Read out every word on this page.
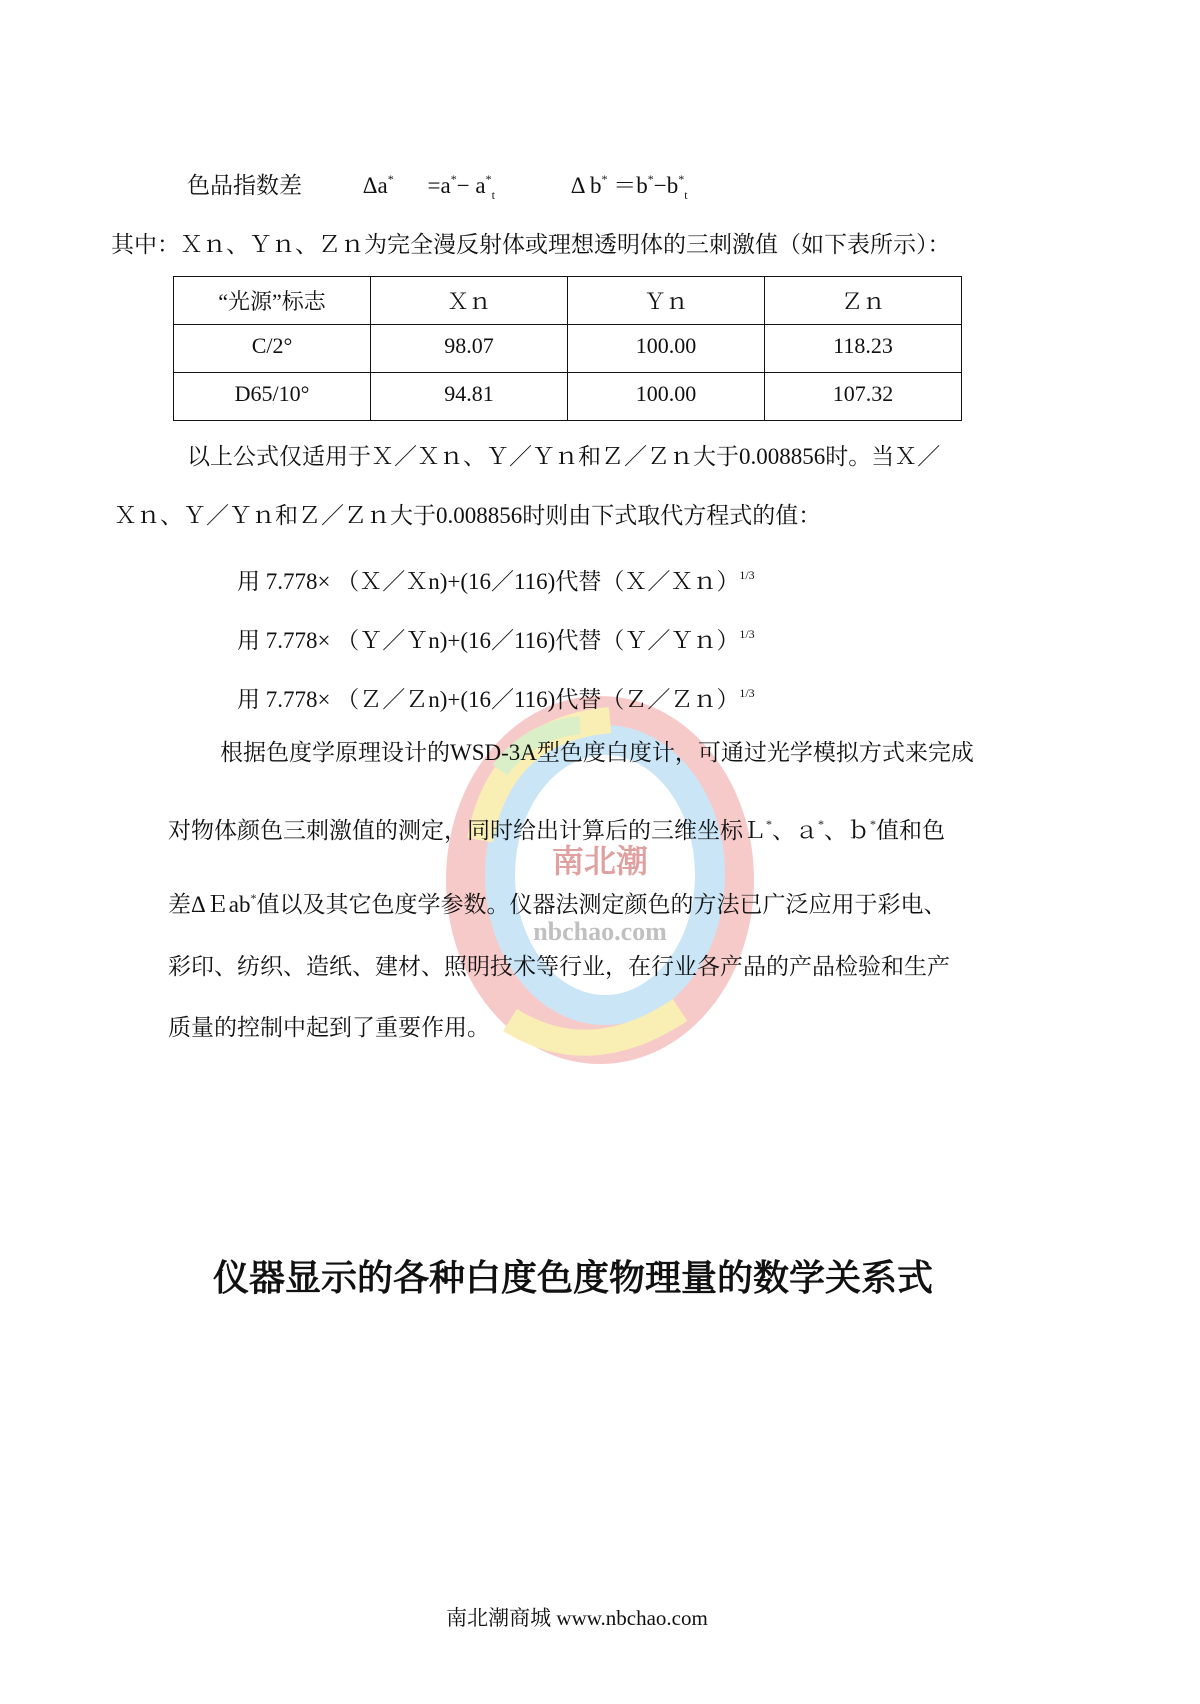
南北潮
nbchao.com
色品指数差	$\Delta a^* =a^*- a^*_t$	Δ $b^* =b^*-b^*_t$
其中：Ｘｎ、Ｙｎ、Ｚｎ为完全漫反射体或理想透明体的三刺激值（如下表所示）：
“光源”标志	Ｘｎ	Ｙｎ	Ｚｎ
C/2°	98.07	100.00	118.23
D65/10°	94.81	100.00	107.32
以上公式仅适用于Ｘ／Ｘｎ、Ｙ／Ｙｎ和Ｚ／Ｚｎ大于0.008856时。当Ｘ／
Ｘｎ、Ｙ／Ｙｎ和Ｚ／Ｚｎ大于0.008856时则由下式取代方程式的值：
用 7.778× （Ｘ／Ｘn)+(16／116)代替（Ｘ／Ｘｎ）$^{1/3}$
用 7.778× （Ｙ／Ｙn)+(16／116)代替（Ｙ／Ｙｎ）$^{1/3}$
用 7.778× （Ｚ／Ｚn)+(16／116)代替（Ｚ／Ｚｎ）$^{1/3}$
根据色度学原理设计的WSD-3A型色度白度计，可通过光学模拟方式来完成
对物体颜色三刺激值的测定，同时给出计算后的三维坐标Ｌ*、ａ*、ｂ*值和色
差ΔＥab*值以及其它色度学参数。仪器法测定颜色的方法已广泛应用于彩电、
彩印、纺织、造纸、建材、照明技术等行业，在行业各产品的产品检验和生产
质量的控制中起到了重要作用。
仪器显示的各种白度色度物理量的数学关系式
南北潮商城 www.nbchao.com
